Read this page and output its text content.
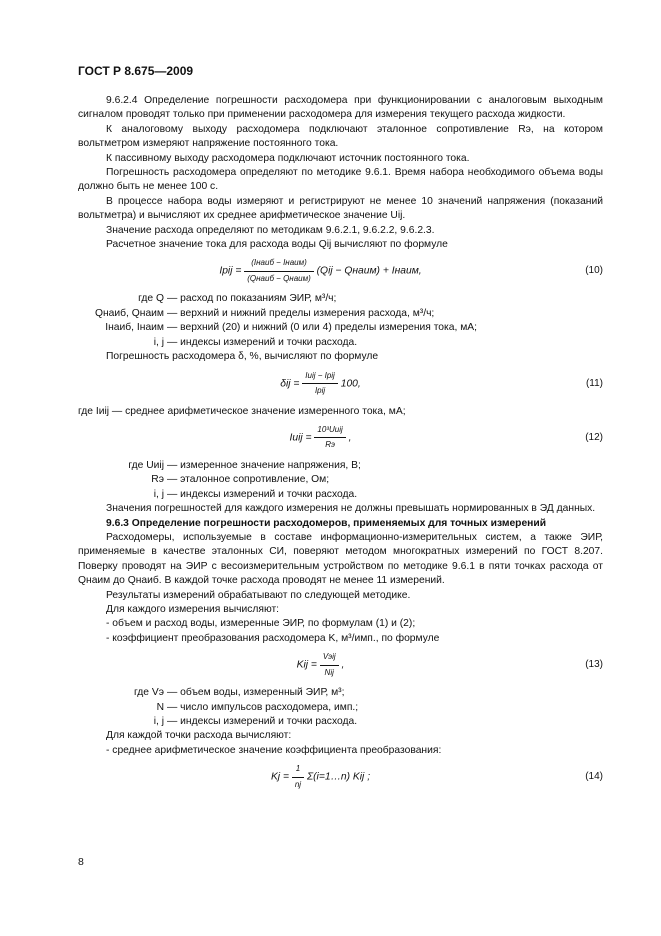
ГОСТ Р 8.675—2009

9.6.2.4 Определение погрешности расходомера при функционировании с аналоговым выходным сигналом проводят только при применении расходомера для измерения текущего расхода жидкости.

К аналоговому выходу расходомера подключают эталонное сопротивление Rэ, на котором вольтметром измеряют напряжение постоянного тока.

К пассивному выходу расходомера подключают источник постоянного тока.

Погрешность расходомера определяют по методике 9.6.1. Время набора необходимого объема воды должно быть не менее 100 с.

В процессе набора воды измеряют и регистрируют не менее 10 значений напряжения (показаний вольтметра) и вычисляют их среднее арифметическое значение Uij.

Значение расхода определяют по методикам 9.6.2.1, 9.6.2.2, 9.6.2.3.

Расчетное значение тока для расхода воды Qij вычисляют по формуле

Iрij = $\frac{\text{(Iнаиб − Iнаим)}}{\text{(Qнаиб − Qнаим)}} (Qij$ − Qнаим) + Iнаим,	(10)

где Q — расход по показаниям ЭИР, м³/ч;

Qнаиб, Qнаим — верхний и нижний пределы измерения расхода, м³/ч;

Iнаиб, Iнаим — верхний (20) и нижний (0 или 4) пределы измерения тока, мА;

i, j — индексы измерений и точки расхода.

Погрешность расходомера δ, %, вычисляют по формуле

$\delta ij = \frac{\text{Iиij − Iрij}}{\text{Iрij}} 100$,	(11)

где Iиij — среднее арифметическое значение измеренного тока, мА;

Iиij = $\frac{\text{10³Uиij}}{Rэ}$ ,	(12)

где Uиij — измеренное значение напряжения, В;

Rэ — эталонное сопротивление, Ом;

i, j — индексы измерений и точки расхода.

Значения погрешностей для каждого измерения не должны превышать нормированных в ЭД данных.

9.6.3 Определение погрешности расходомеров, применяемых для точных измерений

Расходомеры, используемые в составе информационно-измерительных систем, а также ЭИР, применяемые в качестве эталонных СИ, поверяют методом многократных измерений по ГОСТ 8.207. Поверку проводят на ЭИР с весоизмерительным устройством по методике 9.6.1 в пяти точках расхода от Qнаим до Qнаиб. В каждой точке расхода проводят не менее 11 измерений.

Результаты измерений обрабатывают по следующей методике.

Для каждого измерения вычисляют:

- объем и расход воды, измеренные ЭИР, по формулам (1) и (2);

- коэффициент преобразования расходомера K, м³/имп., по формуле

Kij = $\frac{\text{Vэij}}{\text{Nij}}$ ,	(13)

где Vэ — объем воды, измеренный ЭИР, м³;

N — число импульсов расходомера, имп.;

i, j — индексы измерений и точки расхода.

Для каждой точки расхода вычисляют:

- среднее арифметическое значение коэффициента преобразования:

$Kj = \frac{1}{nj}$ Σ(i=1…n) Kij ;	(14)
8
